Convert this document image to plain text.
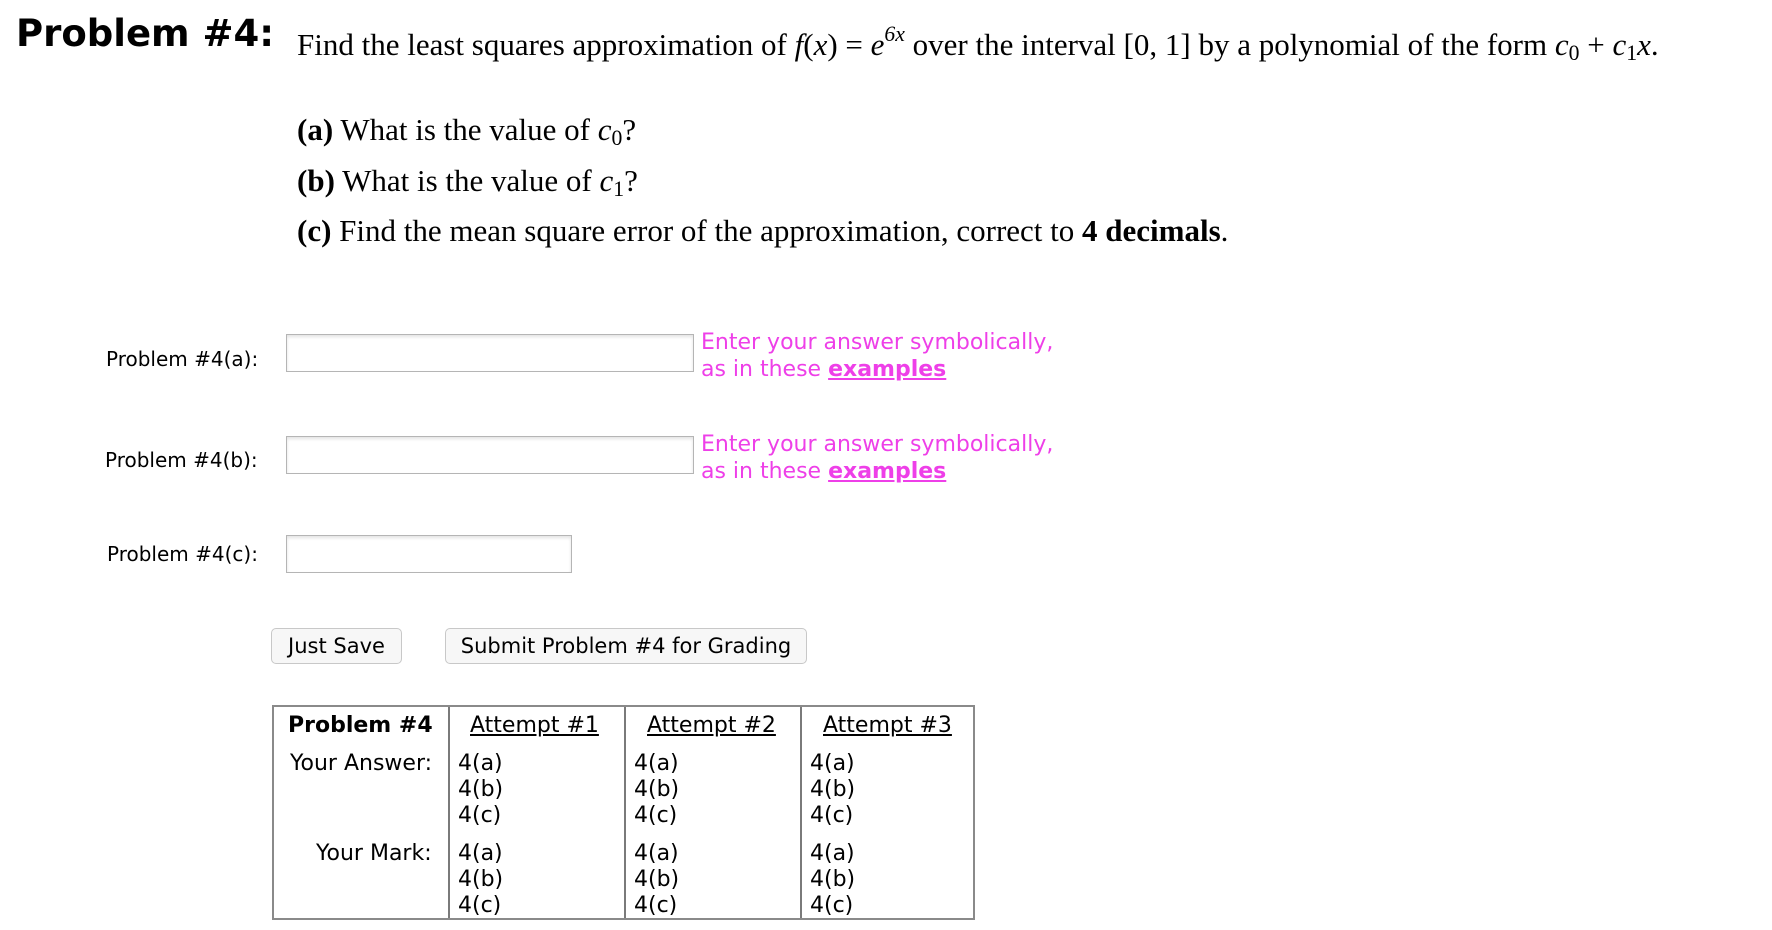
Problem #4: Find the least squares approximation of $f(x) = e^{6x}$ over the interval [0, 1] by a polynomial of the form $c_0 + c_1x$.
(a) What is the value of $c_0$?
(b) What is the value of $c_1$?
(c) Find the mean square error of the approximation, correct to 4 decimals.
Problem #4(a):
Enter your answer symbolically,
as in these examples
Problem #4(b):
Enter your answer symbolically,
as in these examples
Problem #4(c):
Just Save	Submit Problem #4 for Grading
Problem #4 Attempt #1 Attempt #2 Attempt #3
Your Answer:
Your Mark:
4(a)
4(b)
4(c)
4(a)
4(b)
4(c)
4(a)
4(b)
4(c)
4(a)
4(b)
4(c)
4(a)
4(b)
4(c)
4(a)
4(b)
4(c)
